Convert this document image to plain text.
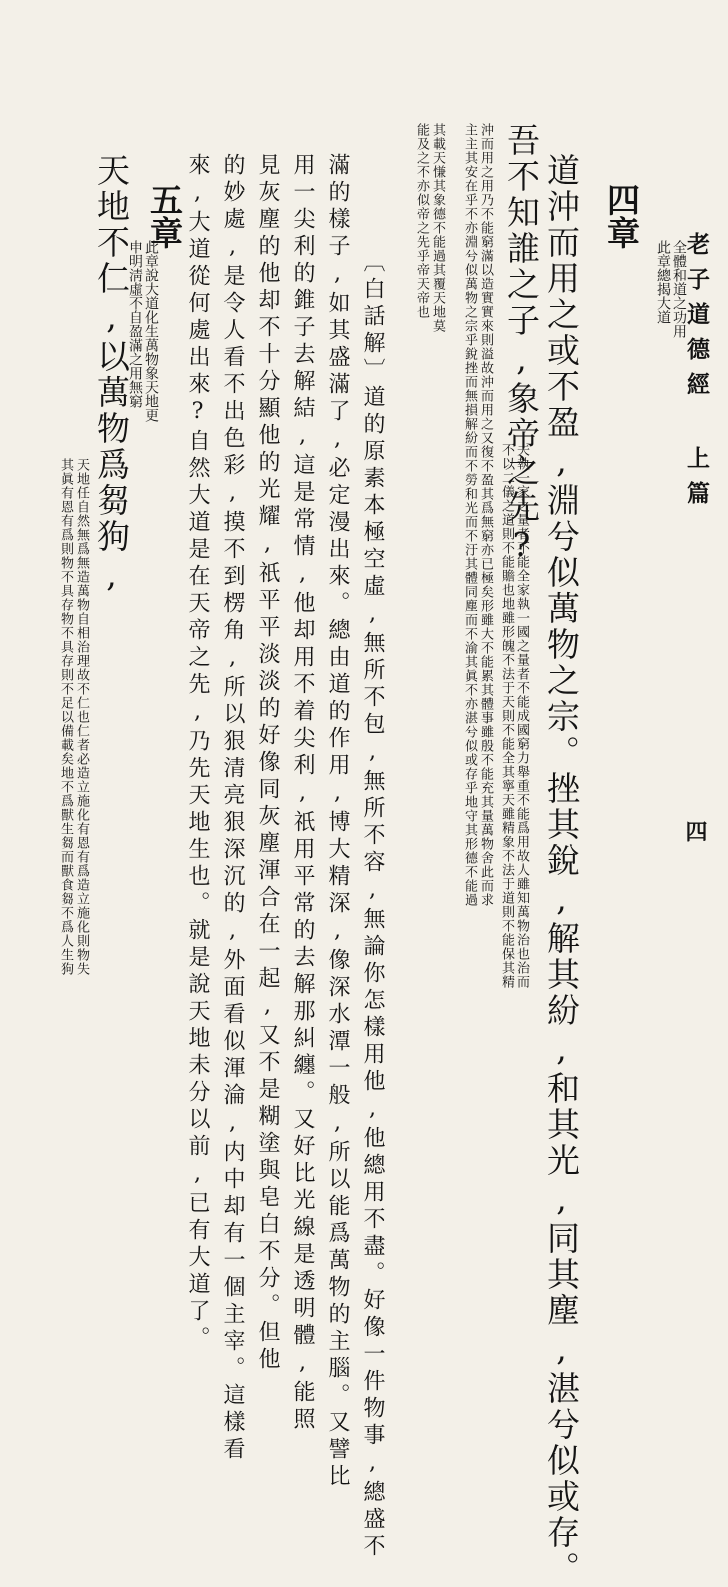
老子道德經 上篇
四
四章
此章總揭大道 全體和道之功用
道沖而用之或不盈,淵兮似萬物之宗。挫其銳,解其紛,和其光,同其塵,湛兮似或存。
吾不知誰之子,象帝之先?
夫執一家之量者不能全家執一國之量者不能成國窮力舉重不能爲用故人雖知萬物治也治而
不以二儀之道則不能贍也地雖形魄不法于天則不能全其寧天雖精象不法于道則不能保其精
沖而用之用乃不能窮滿以造實實來則溢故沖而用之又復不盈其爲無窮亦已極矣形雖大不能累其體事雖殷不能充其量萬物舍此而求
主主其安在乎不亦淵兮似萬物之宗乎銳挫而無損解紛而不勞和光而不汙其體同塵而不渝其眞不亦湛兮似或存乎地守其形德不能過
其載天慊其象德不能過其覆天地莫
能及之不亦似帝之先乎帝天帝也
〔白話解〕道的原素本極空虛,無所不包,無所不容,無論你怎樣用他,他總用不盡。好像一件物事,總盛不
滿的樣子,如其盛滿了,必定漫出來。總由道的作用,博大精深,像深水潭一般,所以能爲萬物的主腦。又譬比
用一尖利的錐子去解結,這是常情,他却用不着尖利,祇用平常的去解那糾纏。又好比光線是透明體,能照
見灰塵的他却不十分顯他的光耀,祇平平淡淡的好像同灰塵渾合在一起,又不是糊塗與皂白不分。但他
的妙處,是令人看不出色彩,摸不到楞角,所以狠清亮狠深沉的,外面看似渾淪,内中却有一個主宰。這樣看
來,大道從何處出來?自然大道是在天帝之先,乃先天地生也。就是說天地未分以前,已有大道了。
五章
此章說大道化生萬物象天地更
申明淸虛不自盈滿之用無窮
天地不仁,以萬物爲芻狗,
天地任自然無爲無造萬物自相治理故不仁也仁者必造立施化有恩有爲造立施化則物失
其眞有恩有爲則物不具存物不具存則不足以備載矣地不爲獸生芻而獸食芻不爲人生狗
